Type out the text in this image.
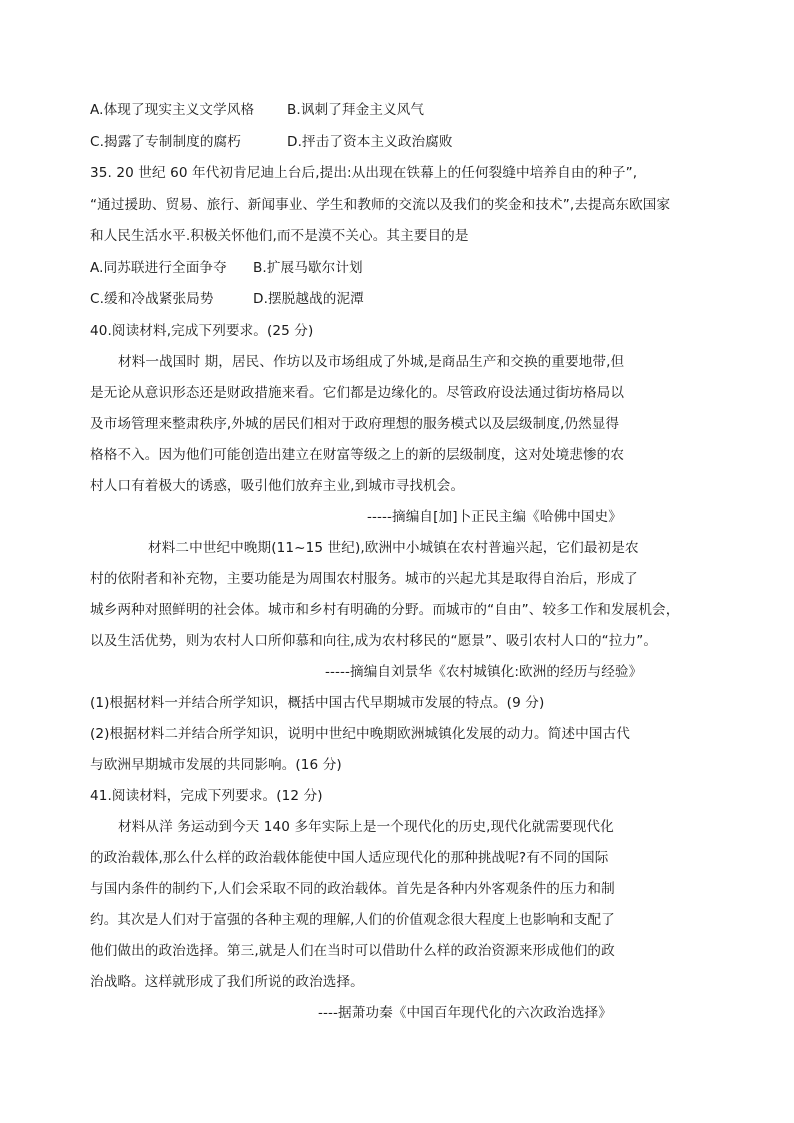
A.体现了现实主义文学风格 B.讽刺了拜金主义风气
C.揭露了专制制度的腐朽	D.抨击了资本主义政治腐败
35. 20 世纪 60 年代初肯尼迪上台后,提出:从出现在铁幕上的任何裂缝中培养自由的种子”,
“通过援助、贸易、旅行、新闻事业、学生和教师的交流以及我们的奖金和技术”,去提高东欧国家
和人民生活水平.积极关怀他们,而不是漠不关心。其主要目的是
A.同苏联进行全面争夺 B.扩展马歇尔计划
C.缓和冷战紧张局势	D.摆脱越战的泥潭
40.阅读材料,完成下列要求。(25 分)
材料一战国时 期，居民、作坊以及市场组成了外城,是商品生产和交换的重要地带,但
是无论从意识形态还是财政措施来看。它们都是边缘化的。尽管政府设法通过街坊格局以
及市场管理来整肃秩序,外城的居民们相对于政府理想的服务模式以及层级制度,仍然显得
格格不入。因为他们可能创造出建立在财富等级之上的新的层级制度，这对处境悲惨的农
村人口有着极大的诱惑，吸引他们放弃主业,到城市寻找机会。
-----摘编自[加]卜正民主编《哈佛中国史》
材料二中世纪中晚期(11~15 世纪),欧洲中小城镇在农村普遍兴起，它们最初是农
村的依附者和补充物，主要功能是为周围农村服务。城市的兴起尤其是取得自治后，形成了
城乡两种对照鲜明的社会体。城市和乡村有明确的分野。而城市的“自由”、较多工作和发展机会，
以及生活优势，则为农村人口所仰慕和向往,成为农村移民的“愿景”、吸引农村人口的“拉力”。
-----摘编自刘景华《农村城镇化:欧洲的经历与经验》
(1)根据材料一并结合所学知识，概括中国古代早期城市发展的特点。(9 分)
(2)根据材料二并结合所学知识，说明中世纪中晚期欧洲城镇化发展的动力。简述中国古代
与欧洲早期城市发展的共同影响。(16 分)
41.阅读材料，完成下列要求。(12 分)
材料从洋 务运动到今天 140 多年实际上是一个现代化的历史,现代化就需要现代化
的政治载体,那么什么样的政治载体能使中国人适应现代化的那种挑战呢?有不同的国际
与国内条件的制约下,人们会采取不同的政治载体。首先是各种内外客观条件的压力和制
约。其次是人们对于富强的各种主观的理解,人们的价值观念很大程度上也影响和支配了
他们做出的政治选择。第三,就是人们在当时可以借助什么样的政治资源来形成他们的政
治战略。这样就形成了我们所说的政治选择。
----据萧功秦《中国百年现代化的六次政治选择》
